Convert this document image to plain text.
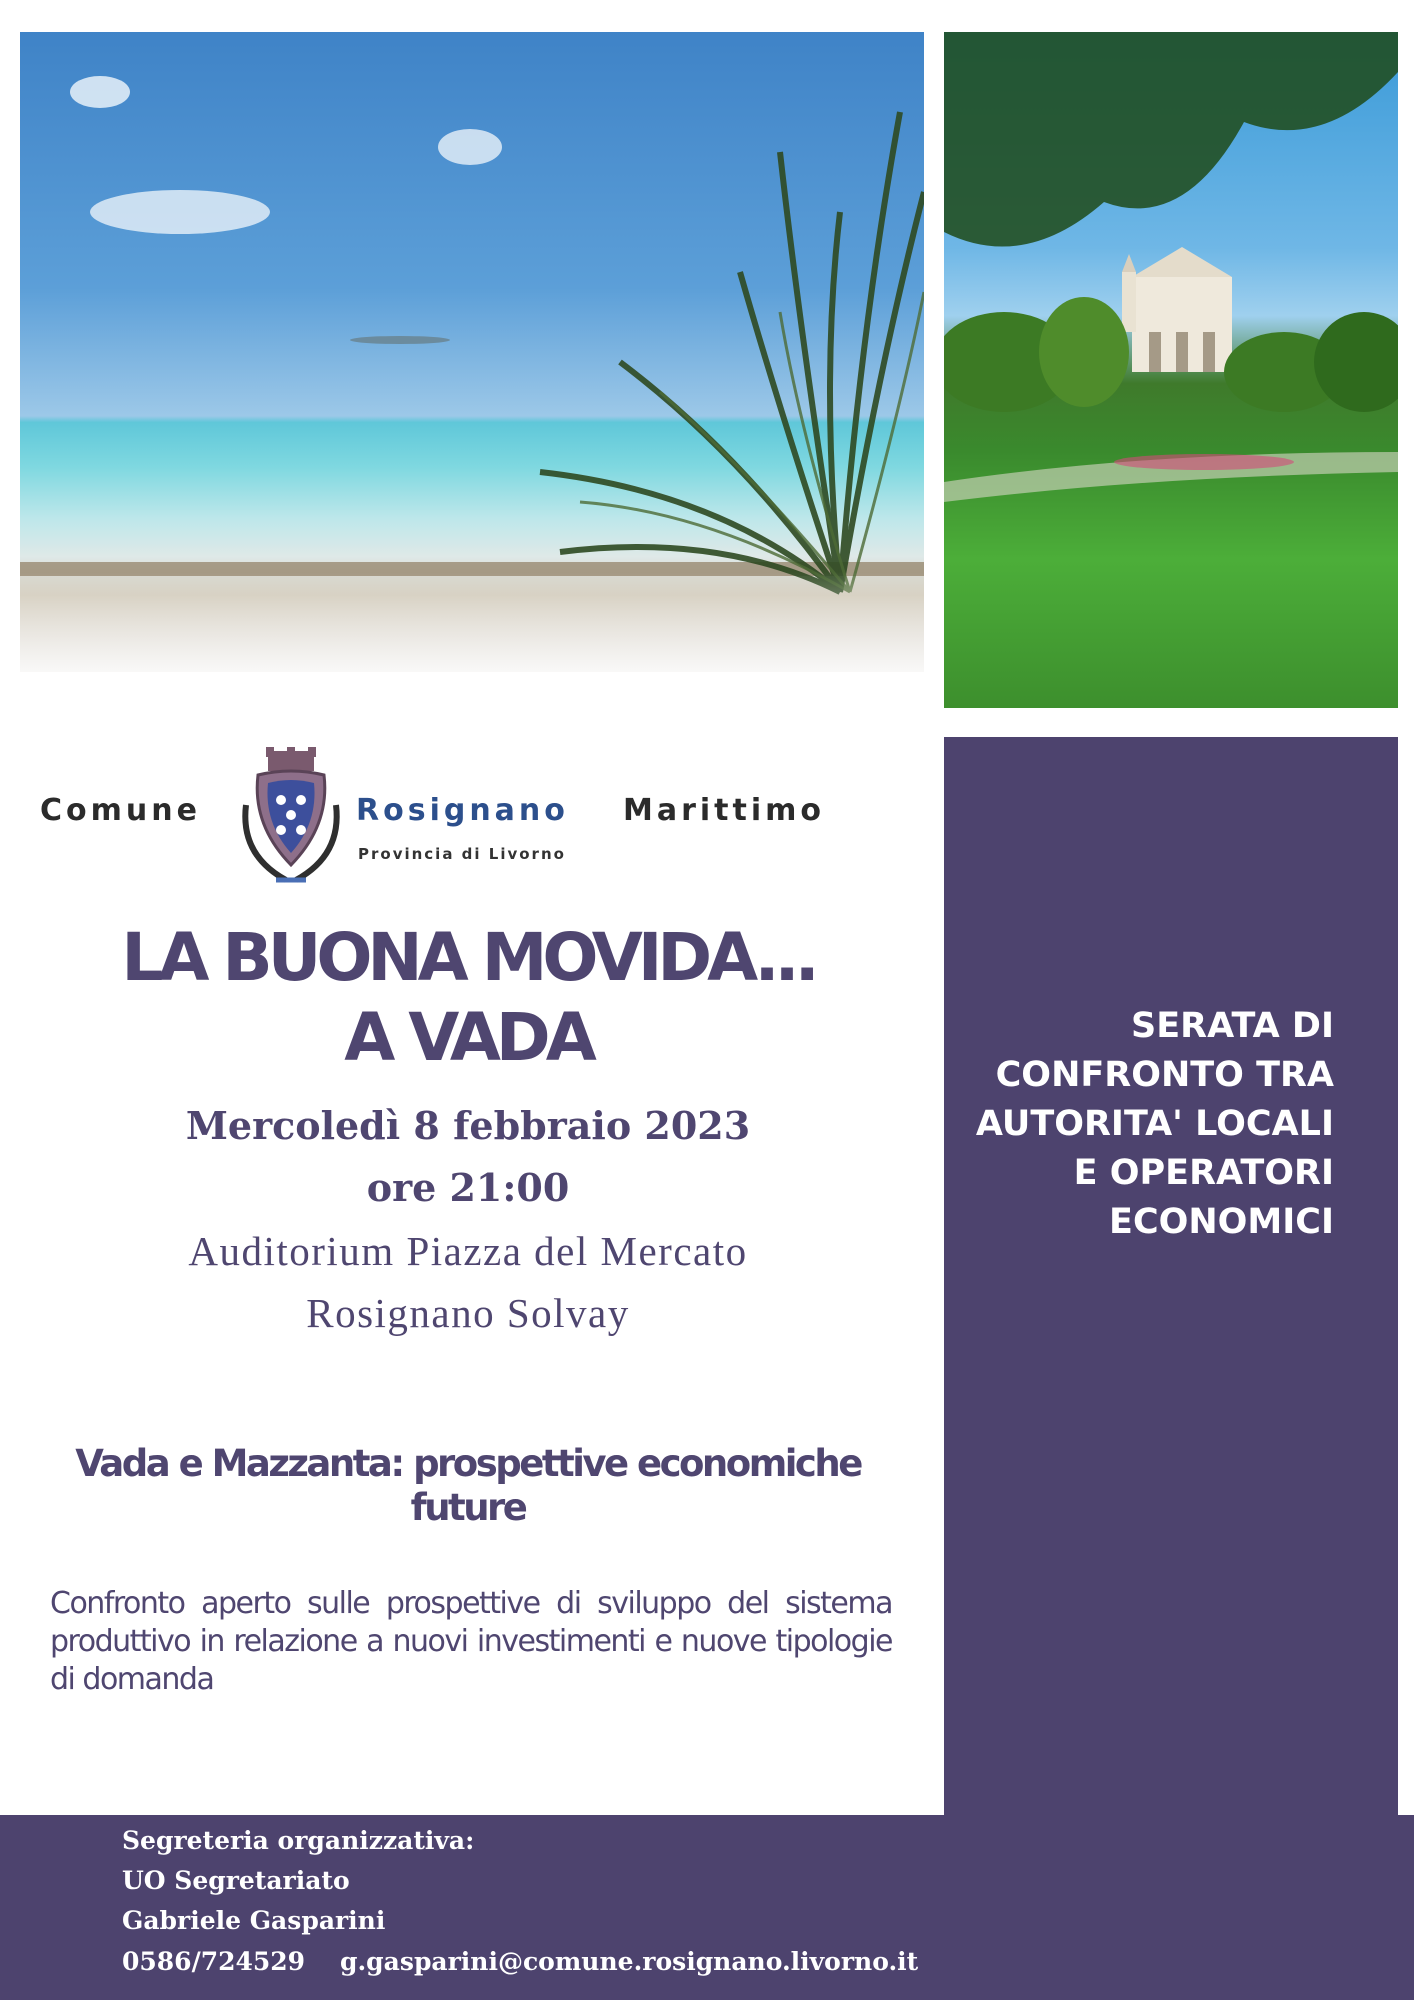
Comune	Rosignano Marittimo
Provincia di Livorno
LA BUONA MOVIDA...
A VADA
Mercoledì 8 febbraio 2023
ore 21:00
Auditorium Piazza del Mercato
Rosignano Solvay
Vada e Mazzanta: prospettive economiche
future
Confronto aperto sulle prospettive di sviluppo del sistema produttivo in relazione a nuovi investimenti e nuove tipologie di domanda
SERATA DI
CONFRONTO TRA
AUTORITA' LOCALI
E OPERATORI
ECONOMICI
Segreteria organizzativa:
UO Segretariato
Gabriele Gasparini
0586/724529 g.gasparini@comune.rosignano.livorno.it
